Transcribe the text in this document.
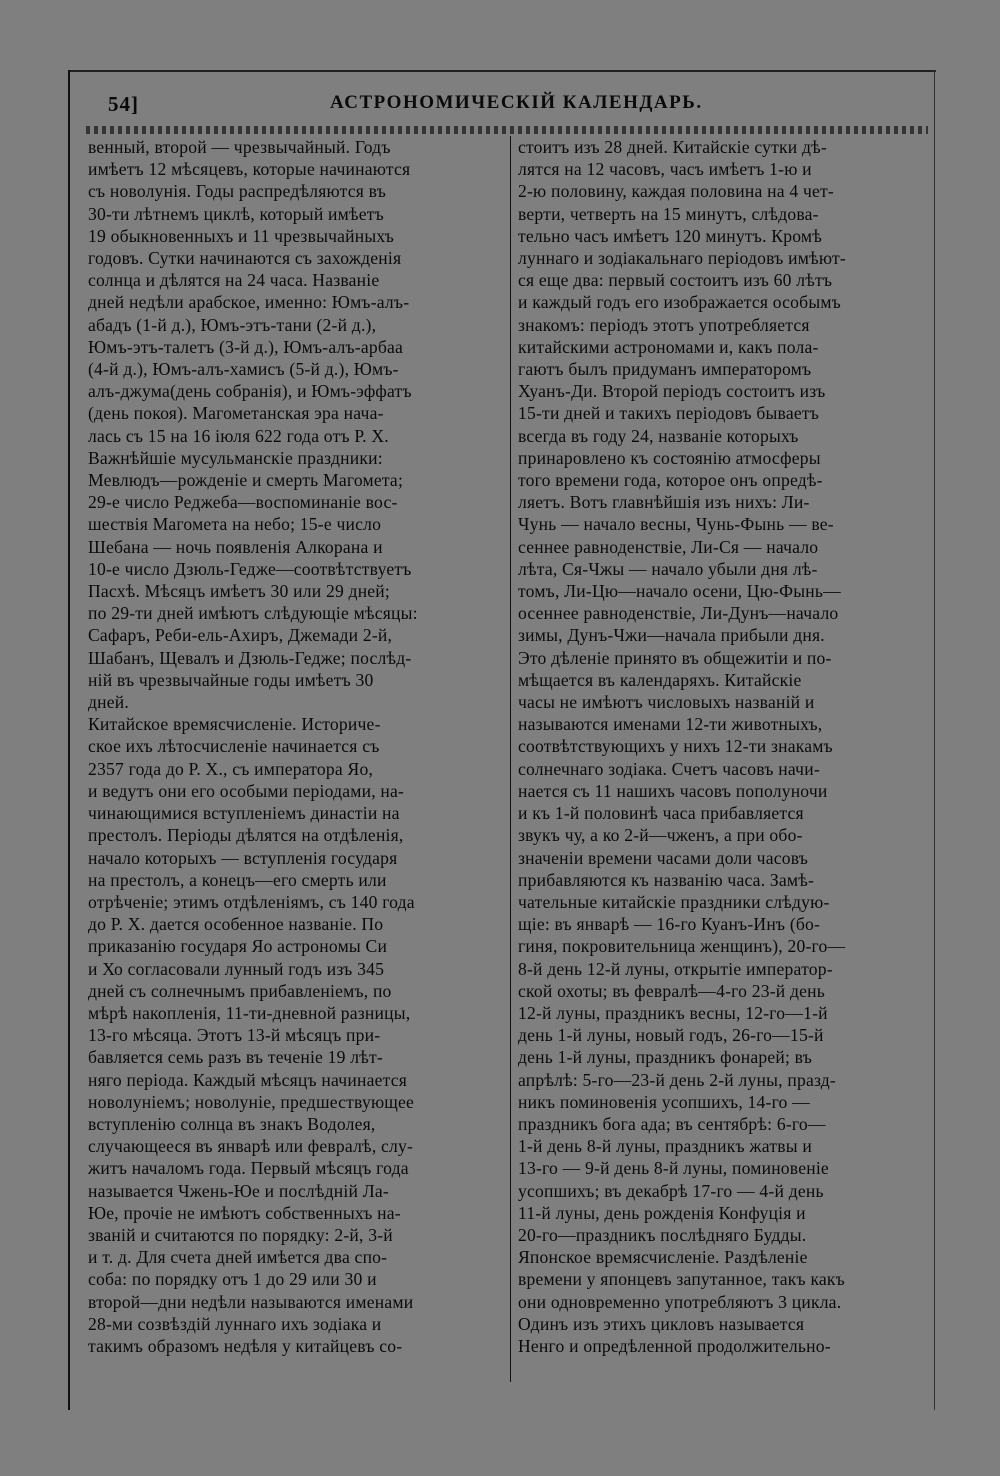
54]	АСТРОНОМИЧЕСКІЙ КАЛЕНДАРЬ.
венный, второй — чрезвычайный. Годъ
имѣетъ 12 мѣсяцевъ, которые начинаются
съ новолунія. Годы распредѣляются въ
30-ти лѣтнемъ циклѣ, который имѣетъ
19 обыкновенныхъ и 11 чрезвычайныхъ
годовъ. Сутки начинаются съ захожденія
солнца и дѣлятся на 24 часа. Названіе
дней недѣли арабское, именно: Юмъ-алъ-
абадъ (1-й д.), Юмъ-этъ-тани (2-й д.),
Юмъ-этъ-талетъ (3-й д.), Юмъ-алъ-арбаа
(4-й д.), Юмъ-алъ-хамисъ (5-й д.), Юмъ-
алъ-джума(день собранія), и Юмъ-эффатъ
(день покоя). Магометанская эра нача-
лась съ 15 на 16 іюля 622 года отъ Р. Х.
Важнѣйшіе мусульманскіе праздники:
Мевлюдъ—рожденіе и смерть Магомета;
29-е число Реджеба—воспоминаніе вос-
шествія Магомета на небо; 15-е число
Шебана — ночь появленія Алкорана и
10-е число Дзюль-Гедже—соотвѣтствуетъ
Пасхѣ. Мѣсяцъ имѣетъ 30 или 29 дней;
по 29-ти дней имѣютъ слѣдующіе мѣсяцы:
Сафаръ, Реби-ель-Ахиръ, Джемади 2-й,
Шабанъ, Щевалъ и Дзюль-Гедже; послѣд-
ній въ чрезвычайные годы имѣетъ 30
дней.
Китайское времясчисленіе. Историче-
ское ихъ лѣтосчисленіе начинается съ
2357 года до Р. Х., съ императора Яо,
и ведутъ они его особыми періодами, на-
чинающимися вступленіемъ династіи на
престолъ. Періоды дѣлятся на отдѣленія,
начало которыхъ — вступленія государя
на престолъ, а конецъ—его смерть или
отрѣченіе; этимъ отдѣленіямъ, съ 140 года
до Р. Х. дается особенное названіе. По
приказанію государя Яо астрономы Си
и Хо согласовали лунный годъ изъ 345
дней съ солнечнымъ прибавленіемъ, по
мѣрѣ накопленія, 11-ти-дневной разницы,
13-го мѣсяца. Этотъ 13-й мѣсяцъ при-
бавляется семь разъ въ теченіе 19 лѣт-
няго періода. Каждый мѣсяцъ начинается
новолуніемъ; новолуніе, предшествующее
вступленію солнца въ знакъ Водолея,
случающееся въ январѣ или февралѣ, слу-
житъ началомъ года. Первый мѣсяцъ года
называется Чжень-Юе и послѣдній Ла-
Юе, прочіе не имѣютъ собственныхъ на-
званій и считаются по порядку: 2-й, 3-й
и т. д. Для счета дней имѣется два спо-
соба: по порядку отъ 1 до 29 или 30 и
второй—дни недѣли называются именами
28-ми созвѣздій луннаго ихъ зодіака и
такимъ образомъ недѣля у китайцевъ со-
стоитъ изъ 28 дней. Китайскіе сутки дѣ-
лятся на 12 часовъ, часъ имѣетъ 1-ю и
2-ю половину, каждая половина на 4 чет-
верти, четверть на 15 минутъ, слѣдова-
тельно часъ имѣетъ 120 минутъ. Кромѣ
луннаго и зодіакальнаго періодовъ имѣют-
ся еще два: первый состоитъ изъ 60 лѣтъ
и каждый годъ его изображается особымъ
знакомъ: періодъ этотъ употребляется
китайскими астрономами и, какъ пола-
гаютъ былъ придуманъ императоромъ
Хуанъ-Ди. Второй періодъ состоитъ изъ
15-ти дней и такихъ періодовъ бываетъ
всегда въ году 24, названіе которыхъ
принаровлено къ состоянію атмосферы
того времени года, которое онъ опредѣ-
ляетъ. Вотъ главнѣйшія изъ нихъ: Ли-
Чунь — начало весны, Чунь-Фынь — ве-
сеннее равноденствіе, Ли-Ся — начало
лѣта, Ся-Чжы — начало убыли дня лѣ-
томъ, Ли-Цю—начало осени, Цю-Фынь—
осеннее равноденствіе, Ли-Дунъ—начало
зимы, Дунъ-Чжи—начала прибыли дня.
Это дѣленіе принято въ общежитіи и по-
мѣщается въ календаряхъ. Китайскіе
часы не имѣютъ числовыхъ названій и
называются именами 12-ти животныхъ,
соотвѣтствующихъ у нихъ 12-ти знакамъ
солнечнаго зодіака. Счетъ часовъ начи-
нается съ 11 нашихъ часовъ пополуночи
и къ 1-й половинѣ часа прибавляется
звукъ чу, а ко 2-й—чженъ, а при обо-
значеніи времени часами доли часовъ
прибавляются къ названію часа. Замѣ-
чательные китайскіе праздники слѣдую-
щіе: въ январѣ — 16-го Куанъ-Инъ (бо-
гиня, покровительница женщинъ), 20-го—
8-й день 12-й луны, открытіе император-
ской охоты; въ февралѣ—4-го 23-й день
12-й луны, праздникъ весны, 12-го—1-й
день 1-й луны, новый годъ, 26-го—15-й
день 1-й луны, праздникъ фонарей; въ
апрѣлѣ: 5-го—23-й день 2-й луны, празд-
никъ поминовенія усопшихъ, 14-го —
праздникъ бога ада; въ сентябрѣ: 6-го—
1-й день 8-й луны, праздникъ жатвы и
13-го — 9-й день 8-й луны, поминовеніе
усопшихъ; въ декабрѣ 17-го — 4-й день
11-й луны, день рожденія Конфуція и
20-го—праздникъ послѣдняго Будды.
Японское времясчисленіе. Раздѣленіе
времени у японцевъ запутанное, такъ какъ
они одновременно употребляютъ 3 цикла.
Одинъ изъ этихъ цикловъ называется
Ненго и опредѣленной продолжительно-
